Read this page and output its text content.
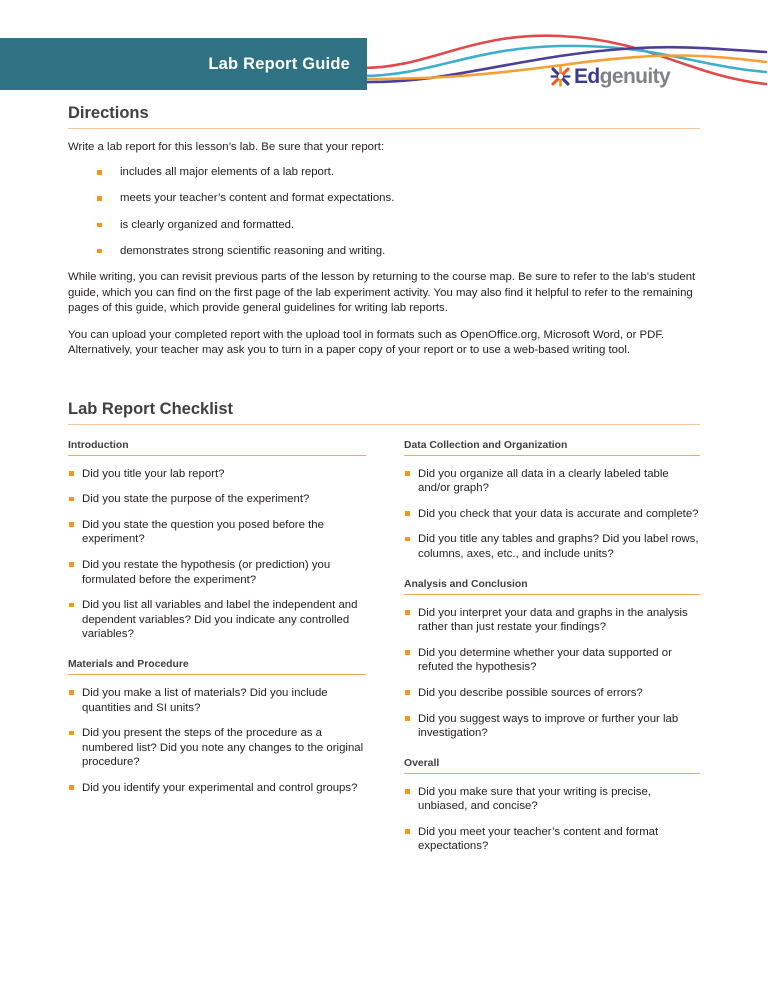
Lab Report Guide
Edgenuity
Directions

Write a lab report for this lesson’s lab. Be sure that your report:

includes all major elements of a lab report.
meets your teacher’s content and format expectations.
is clearly organized and formatted.
demonstrates strong scientific reasoning and writing.

While writing, you can revisit previous parts of the lesson by returning to the course map. Be sure to refer to the lab’s student guide, which you can find on the first page of the lab experiment activity. You may also find it helpful to refer to the remaining pages of this guide, which provide general guidelines for writing lab reports.

You can upload your completed report with the upload tool in formats such as OpenOffice.org, Microsoft Word, or PDF. Alternatively, your teacher may ask you to turn in a paper copy of your report or to use a web-based writing tool.

Lab Report Checklist
Introduction
Did you title your lab report?
Did you state the purpose of the experiment?
Did you state the question you posed before the experiment?
Did you restate the hypothesis (or prediction) you formulated before the experiment?
Did you list all variables and label the independent and dependent variables? Did you indicate any controlled variables?
Materials and Procedure
Did you make a list of materials? Did you include quantities and SI units?
Did you present the steps of the procedure as a numbered list? Did you note any changes to the original procedure?
Did you identify your experimental and control groups?
Data Collection and Organization
Did you organize all data in a clearly labeled table and/or graph?
Did you check that your data is accurate and complete?
Did you title any tables and graphs? Did you label rows, columns, axes, etc., and include units?
Analysis and Conclusion
Did you interpret your data and graphs in the analysis rather than just restate your findings?
Did you determine whether your data supported or refuted the hypothesis?
Did you describe possible sources of errors?
Did you suggest ways to improve or further your lab investigation?
Overall
Did you make sure that your writing is precise, unbiased, and concise?
Did you meet your teacher’s content and format expectations?
